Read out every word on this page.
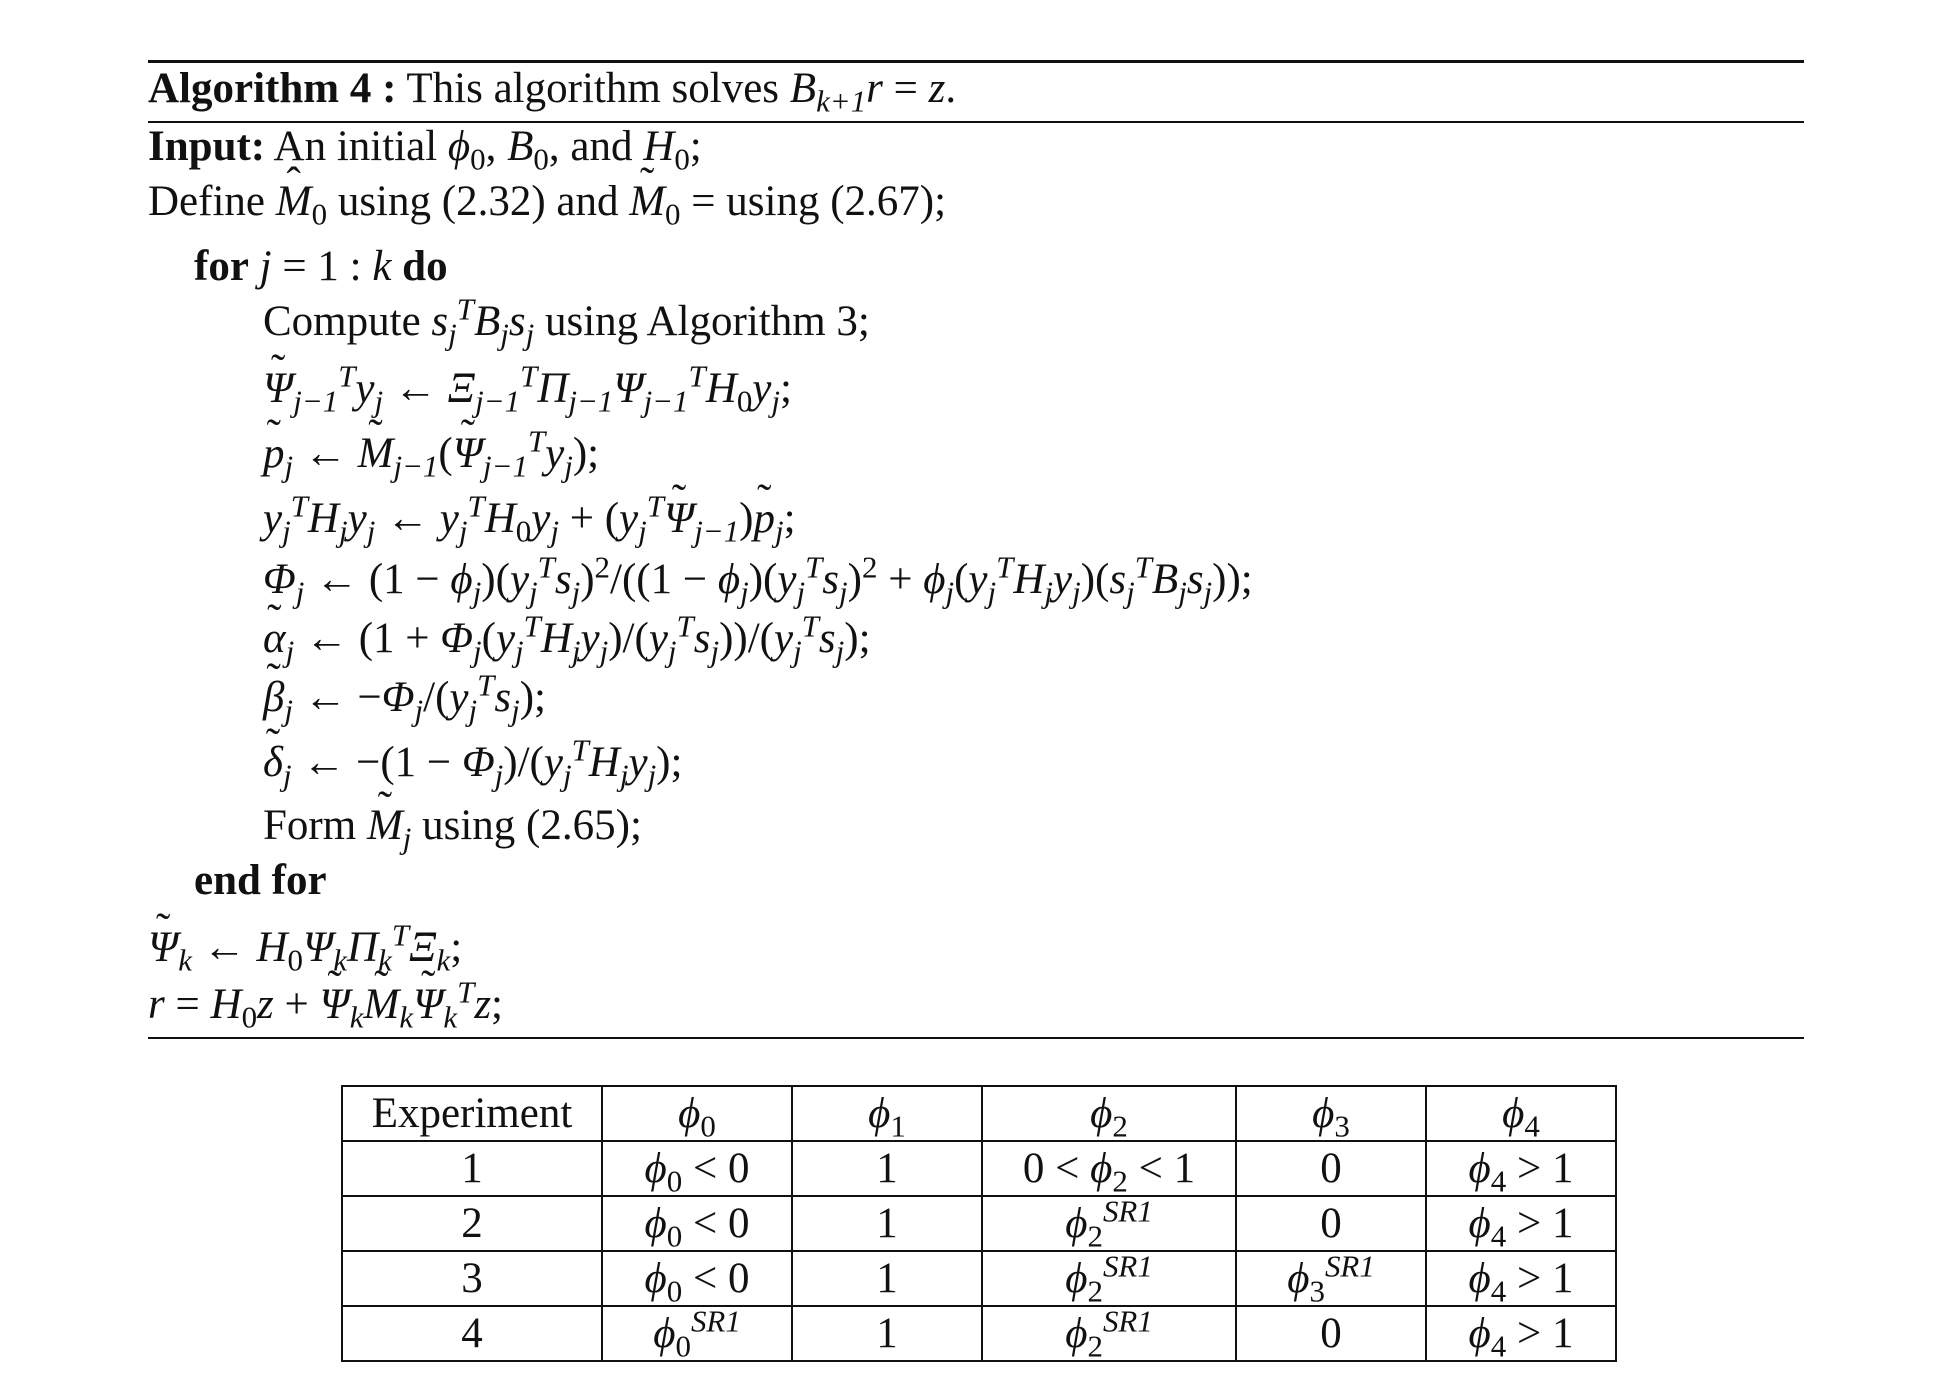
Algorithm 4 : This algorithm solves $B_{k+1}r = z$.
Input: An initial $\phi_0$, $B_0$, and $H_0$;
Define ˆ $M_0$ using (2.32) and ˜ $M_0 = using$ (2.67);
for j = 1 : k do
Compute $s_j^TB_js_j$ using Algorithm 3;
˜ $\Psi_{j-1}^Ty_j$ ← $\Xi_{j-1}^T\Pi_{j-1}\Psi_{j-1}^TH_0y_j$;
˜ $p_j$ ← ˜ $M_{j-1}(˜$ $\Psi_{j-1}^Ty_j$);
$y_j^TH_jy_j$ ← $y_j^TH_0y_j$ + ($y_j^T˜$ $\Psi_{j-1})˜$ $p_j$;
$\Phi_j$ ← $(1 - \phi_j)(y_j^Ts_j)^2/((1 - \phi_j)(y_j^Ts_j)^2 + \phi_j(y_j^TH_jy_j)(s_j^TB_js_j))$;
˜ $\alpha_j$ ← $(1 + \Phi_j(y_j^TH_jy_j)/(y_j^Ts_j))/(y_j^Ts_j)$;
˜ $\beta_j$ ← $-\Phi_j/(y_j^Ts_j)$;
˜ $\delta_j$ ← $-(1 - \Phi_j)/(y_j^TH_jy_j)$;
Form ˜ $M_j$ using (2.65);
end for
˜ $\Psi_k$ ← $H_0\Psi_k\Pi_k^T\Xi_k$;
$r = H_0z$ + ˜ $\Psi_k˜$ $M_k˜$ $\Psi_k^Tz$;
Experiment	$\phi_0$	$\phi_1$	$\phi_2$	$\phi_3$	$\phi_4$
1	$\phi_0 < 0$	1	$0 < \phi_2 < 1$	0	$\phi_4 > 1$
2	$\phi_0 < 0$	1	$\phi_2^{SR1}$	0	$\phi_4 > 1$
3	$\phi_0 < 0$	1	$\phi_2^{SR1}$	$\phi_3^{SR1}$	$\phi_4 > 1$
4	$\phi_0^{SR1}$	1	$\phi_2^{SR1}$	0	$\phi_4 > 1$
